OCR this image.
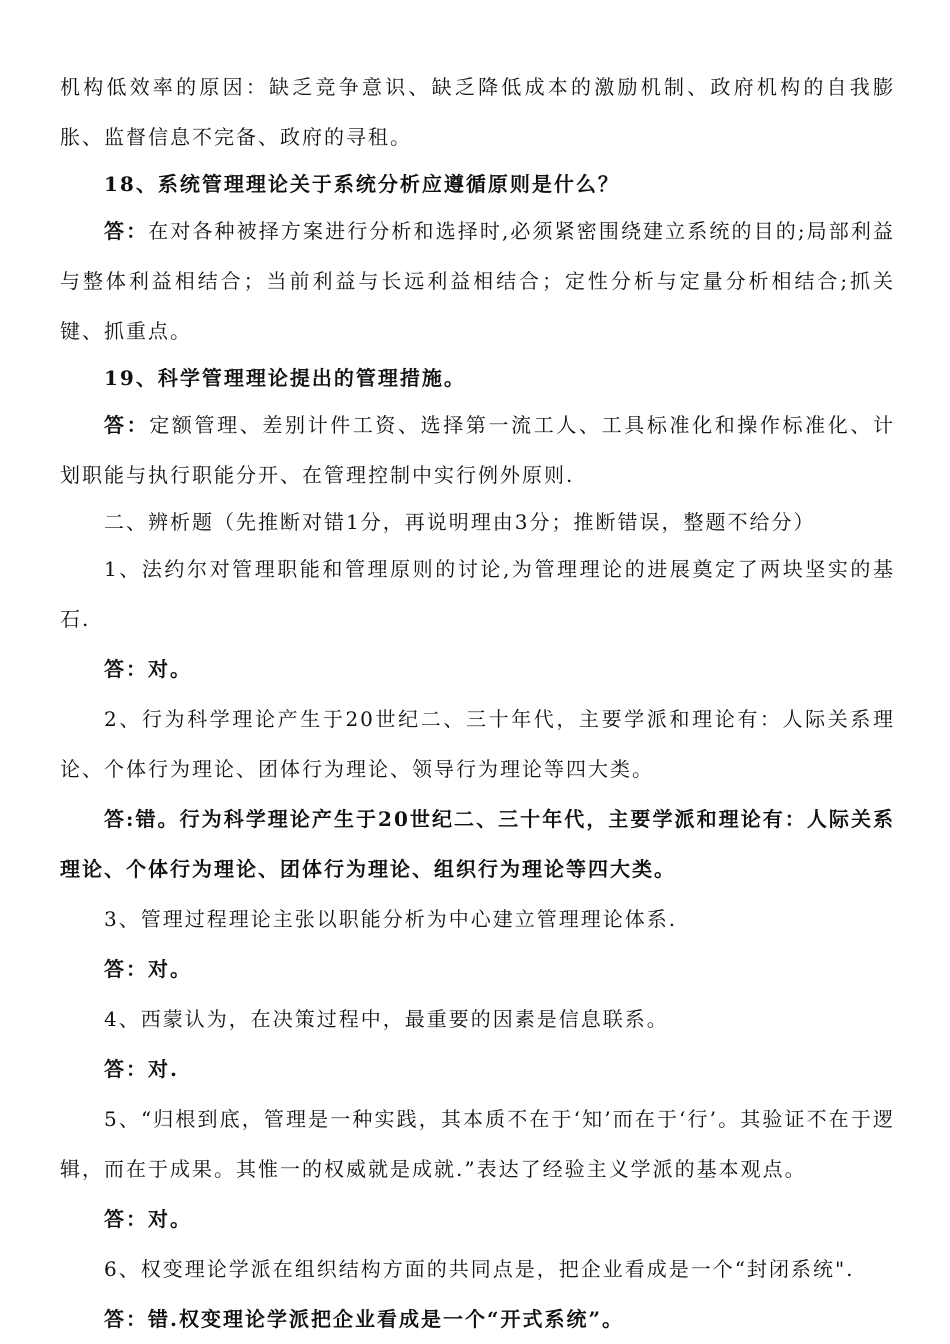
机构低效率的原因：缺乏竞争意识、缺乏降低成本的激励机制、政府机构的自我膨胀、监督信息不完备、政府的寻租。

18、系统管理理论关于系统分析应遵循原则是什么？

答：在对各种被择方案进行分析和选择时,必须紧密围绕建立系统的目的;局部利益与整体利益相结合；当前利益与长远利益相结合；定性分析与定量分析相结合;抓关键、抓重点。

19、科学管理理论提出的管理措施。

答：定额管理、差别计件工资、选择第一流工人、工具标准化和操作标准化、计划职能与执行职能分开、在管理控制中实行例外原则.

二、辨析题（先推断对错1分，再说明理由3分；推断错误，整题不给分）

1、法约尔对管理职能和管理原则的讨论,为管理理论的进展奠定了两块坚实的基石.

答：对。

2、行为科学理论产生于20世纪二、三十年代，主要学派和理论有：人际关系理论、个体行为理论、团体行为理论、领导行为理论等四大类。

答:错。行为科学理论产生于20世纪二、三十年代，主要学派和理论有：人际关系理论、个体行为理论、团体行为理论、组织行为理论等四大类。

3、管理过程理论主张以职能分析为中心建立管理理论体系.

答：对。

4、西蒙认为，在决策过程中，最重要的因素是信息联系。

答：对.

5、“归根到底，管理是一种实践，其本质不在于‘知’而在于‘行’。其验证不在于逻辑，而在于成果。其惟一的权威就是成就.”表达了经验主义学派的基本观点。

答：对。

6、权变理论学派在组织结构方面的共同点是，把企业看成是一个“封闭系统".

答：错.权变理论学派把企业看成是一个“开式系统”。
